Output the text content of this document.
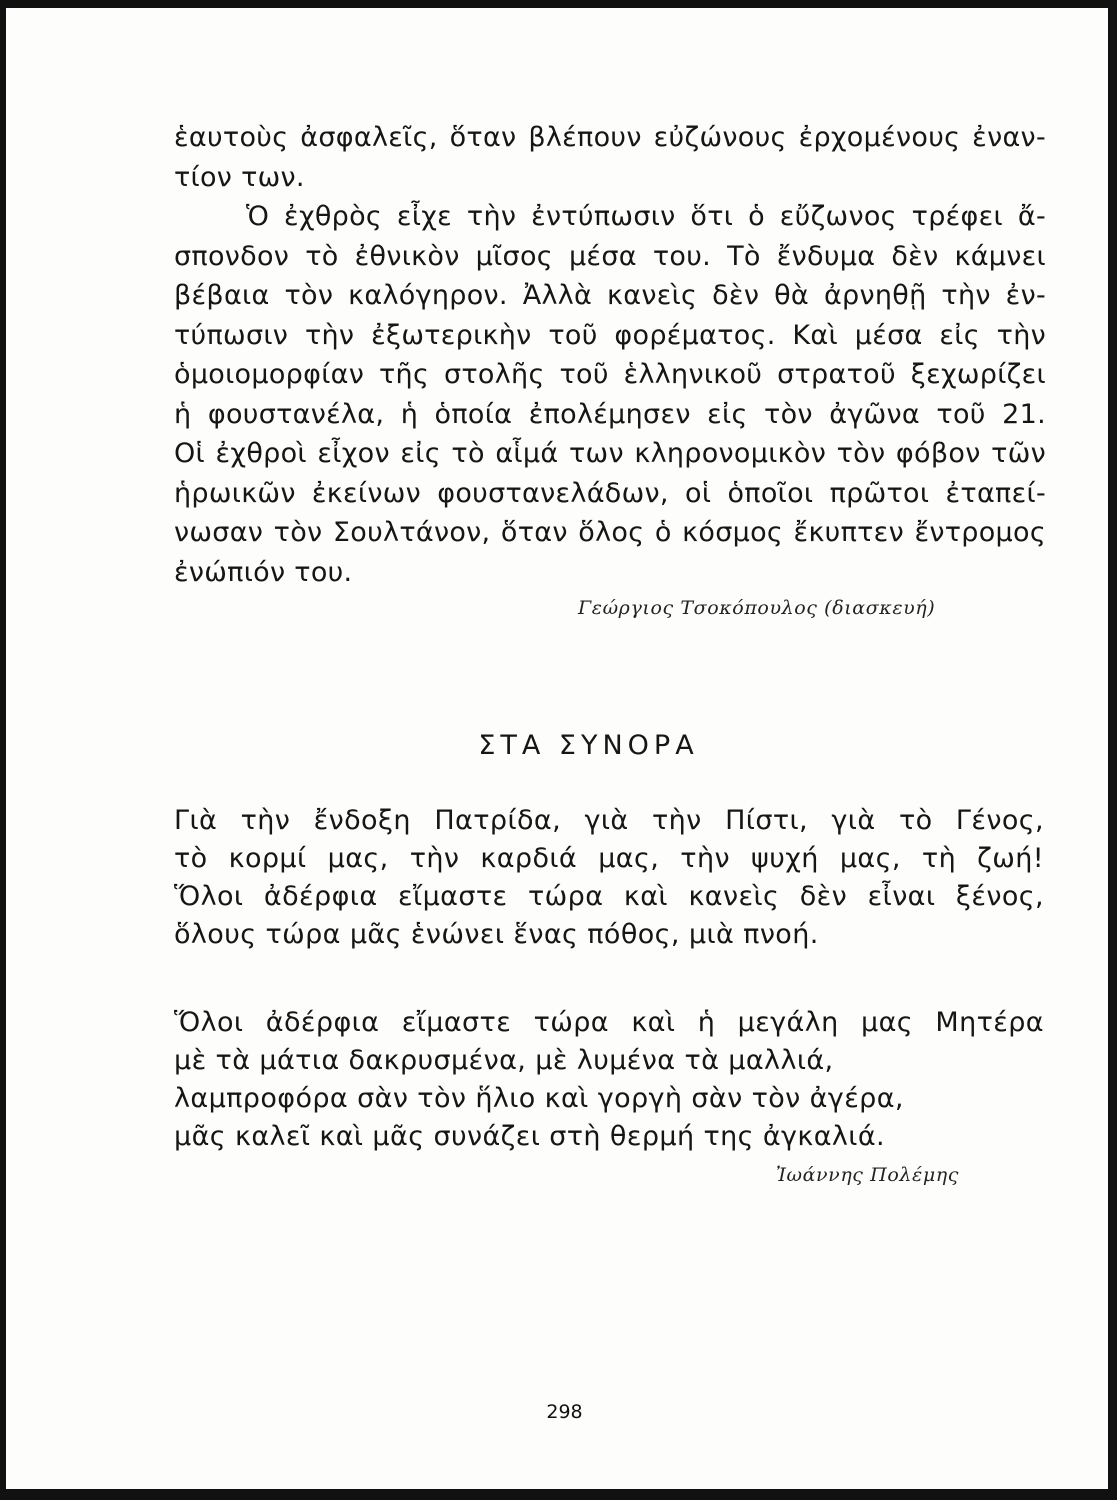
ἑαυτοὺς ἀσφαλεῖς, ὅταν βλέπουν εὐζώνους ἐρχομένους ἐναν-
τίον των.
Ὁ ἐχθρὸς εἶχε τὴν ἐντύπωσιν ὅτι ὁ εὔζωνος τρέφει ἄ-
σπονδον τὸ ἐθνικὸν μῖσος μέσα του. Τὸ ἔνδυμα δὲν κάμνει
βέβαια τὸν καλόγηρον. Ἀλλὰ κανεὶς δὲν θὰ ἀρνηθῇ τὴν ἐν-
τύπωσιν τὴν ἐξωτερικὴν τοῦ φορέματος. Καὶ μέσα εἰς τὴν
ὁμοιομορφίαν τῆς στολῆς τοῦ ἑλληνικοῦ στρατοῦ ξεχωρίζει
ἡ φουστανέλα, ἡ ὁποία ἐπολέμησεν εἰς τὸν ἀγῶνα τοῦ 21.
Οἱ ἐχθροὶ εἶχον εἰς τὸ αἷμά των κληρονομικὸν τὸν φόβον τῶν
ἡρωικῶν ἐκείνων φουστανελάδων, οἱ ὁποῖοι πρῶτοι ἐταπεί-
νωσαν τὸν Σουλτάνον, ὅταν ὅλος ὁ κόσμος ἔκυπτεν ἔντρομος
ἐνώπιόν του.
Γεώργιος Τσοκόπουλος (διασκευή)
ΣΤΑ ΣΥΝΟΡΑ
Γιὰ τὴν ἔνδοξη Πατρίδα, γιὰ τὴν Πίστι, γιὰ τὸ Γένος,
τὸ κορμί μας, τὴν καρδιά μας, τὴν ψυχή μας, τὴ ζωή!
Ὅλοι ἀδέρφια εἴμαστε τώρα καὶ κανεὶς δὲν εἶναι ξένος,
ὅλους τώρα μᾶς ἑνώνει ἕνας πόθος, μιὰ πνοή.
Ὅλοι ἀδέρφια εἴμαστε τώρα καὶ ἡ μεγάλη μας Μητέρα
μὲ τὰ μάτια δακρυσμένα, μὲ λυμένα τὰ μαλλιά,
λαμπροφόρα σὰν τὸν ἥλιο καὶ γοργὴ σὰν τὸν ἀγέρα,
μᾶς καλεῖ καὶ μᾶς συνάζει στὴ θερμή της ἀγκαλιά.
Ἰωάννης Πολέμης
298
